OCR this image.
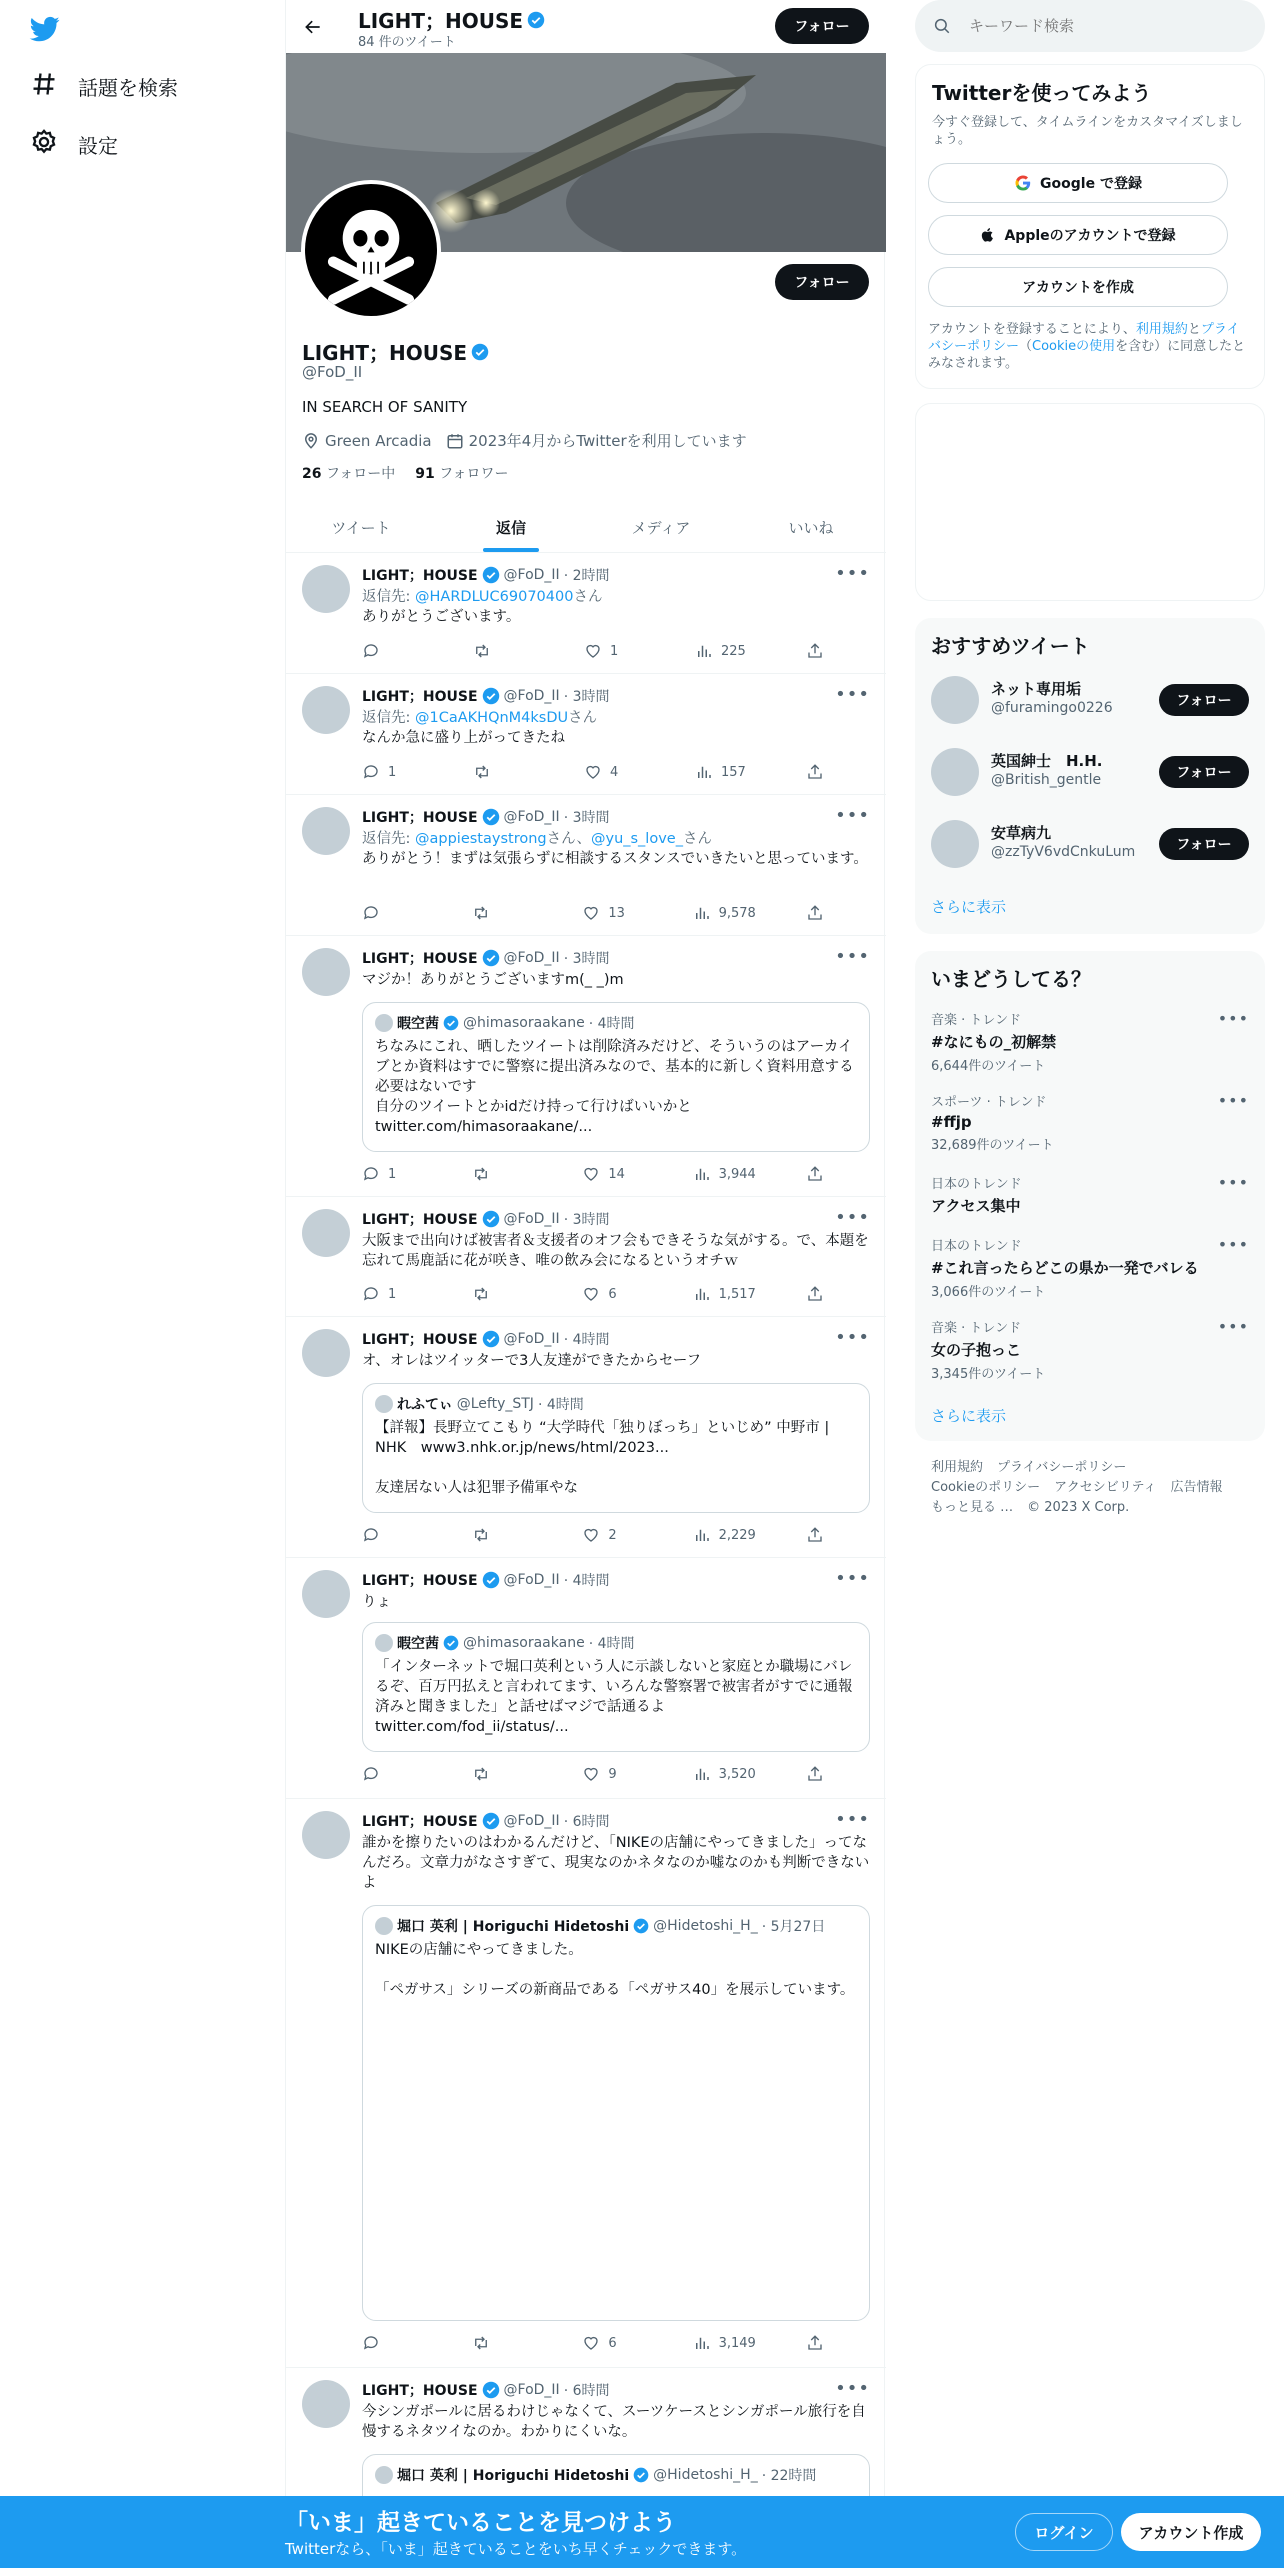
話題を検索
設定
LIGHT；HOUSE
84 件のツイート
フォロー
フォロー
LIGHT；HOUSE
@FoD_II
IN SEARCH OF SANITY
Green Arcadia 2023年4月からTwitterを利用しています
26 フォロー中 91 フォロワー
ツイート	返信	メディア	いいね
LIGHT；HOUSE @FoD_II · 2時間	•••
返信先: @HARDLUC69070400さん
ありがとうございます。
1	225
LIGHT；HOUSE @FoD_II · 3時間	•••
返信先: @1CaAKHQnM4ksDUさん
なんか急に盛り上がってきたね
1	4	157
LIGHT；HOUSE @FoD_II · 3時間	•••
返信先: @appiestaystrongさん、@yu_s_love_さん
ありがとう！まずは気張らずに相談するスタンスでいきたいと思っています。
13	9,578
LIGHT；HOUSE @FoD_II · 3時間	•••
マジか！ありがとうございますm(_ _)m
暇空茜 @himasoraakane · 4時間
ちなみにこれ、晒したツイートは削除済みだけど、そういうのはアーカイブとか資料はすでに警察に提出済みなので、基本的に新しく資料用意する必要はないです
自分のツイートとかidだけ持って行けばいいかと
twitter.com/himasoraakane/...
1	14	3,944
LIGHT；HOUSE @FoD_II · 3時間	•••
大阪まで出向けば被害者＆支援者のオフ会もできそうな気がする。で、本題を忘れて馬鹿話に花が咲き、唯の飲み会になるというオチｗ
1	6	1,517
LIGHT；HOUSE @FoD_II · 4時間	•••
オ、オレはツイッターで3人友達ができたからセーフ
れふてぃ @Lefty_STJ · 4時間
【詳報】長野立てこもり “大学時代「独りぼっち」といじめ” 中野市 | NHK　www3.nhk.or.jp/news/html/2023...

友達居ない人は犯罪予備軍やな
2	2,229
LIGHT；HOUSE @FoD_II · 4時間	•••
りょ
暇空茜 @himasoraakane · 4時間
「インターネットで堀口英利という人に示談しないと家庭とか職場にバレるぞ、百万円払えと言われてます、いろんな警察署で被害者がすでに通報済みと聞きました」と話せばマジで話通るよ
twitter.com/fod_ii/status/...
9	3,520
LIGHT；HOUSE @FoD_II · 6時間	•••
誰かを擦りたいのはわかるんだけど、「NIKEの店舗にやってきました」ってなんだろ。文章力がなさすぎて、現実なのかネタなのか嘘なのかも判断できないよ
堀口 英利 | Horiguchi Hidetoshi @Hidetoshi_H_ · 5月27日
NIKEの店舗にやってきました。

「ペガサス」シリーズの新商品である「ペガサス40」を展示しています。
6	3,149
LIGHT；HOUSE @FoD_II · 6時間	•••
今シンガポールに居るわけじゃなくて、スーツケースとシンガポール旅行を自慢するネタツイなのか。わかりにくいな。
堀口 英利 | Horiguchi Hidetoshi @Hidetoshi_H_ · 22時間
キーワード検索
Twitterを使ってみよう
今すぐ登録して、タイムラインをカスタマイズしましょう。
Google で登録
Appleのアカウントで登録
アカウントを作成
アカウントを登録することにより、利用規約とプライバシーポリシー（Cookieの使用を含む）に同意したとみなされます。
おすすめツイート
ネット専用垢
@furamingo0226	フォロー
英国紳士　H.H.
@British_gentle	フォロー
安草病九
@zzTyV6vdCnkuLum	フォロー
さらに表示
いまどうしてる？
音楽 · トレンド
#なにもの_初解禁
6,644件のツイート
•••
スポーツ · トレンド
#ffjp
32,689件のツイート
•••
日本のトレンド
アクセス集中
•••
日本のトレンド
#これ言ったらどこの県か一発でバレる
3,066件のツイート
•••
音楽 · トレンド
女の子抱っこ
3,345件のツイート
•••
さらに表示
利用規約 プライバシーポリシー
Cookieのポリシー アクセシビリティ 広告情報
もっと見る … © 2023 X Corp.
「いま」起きていることを見つけよう
Twitterなら、「いま」起きていることをいち早くチェックできます。
ログイン	アカウント作成
